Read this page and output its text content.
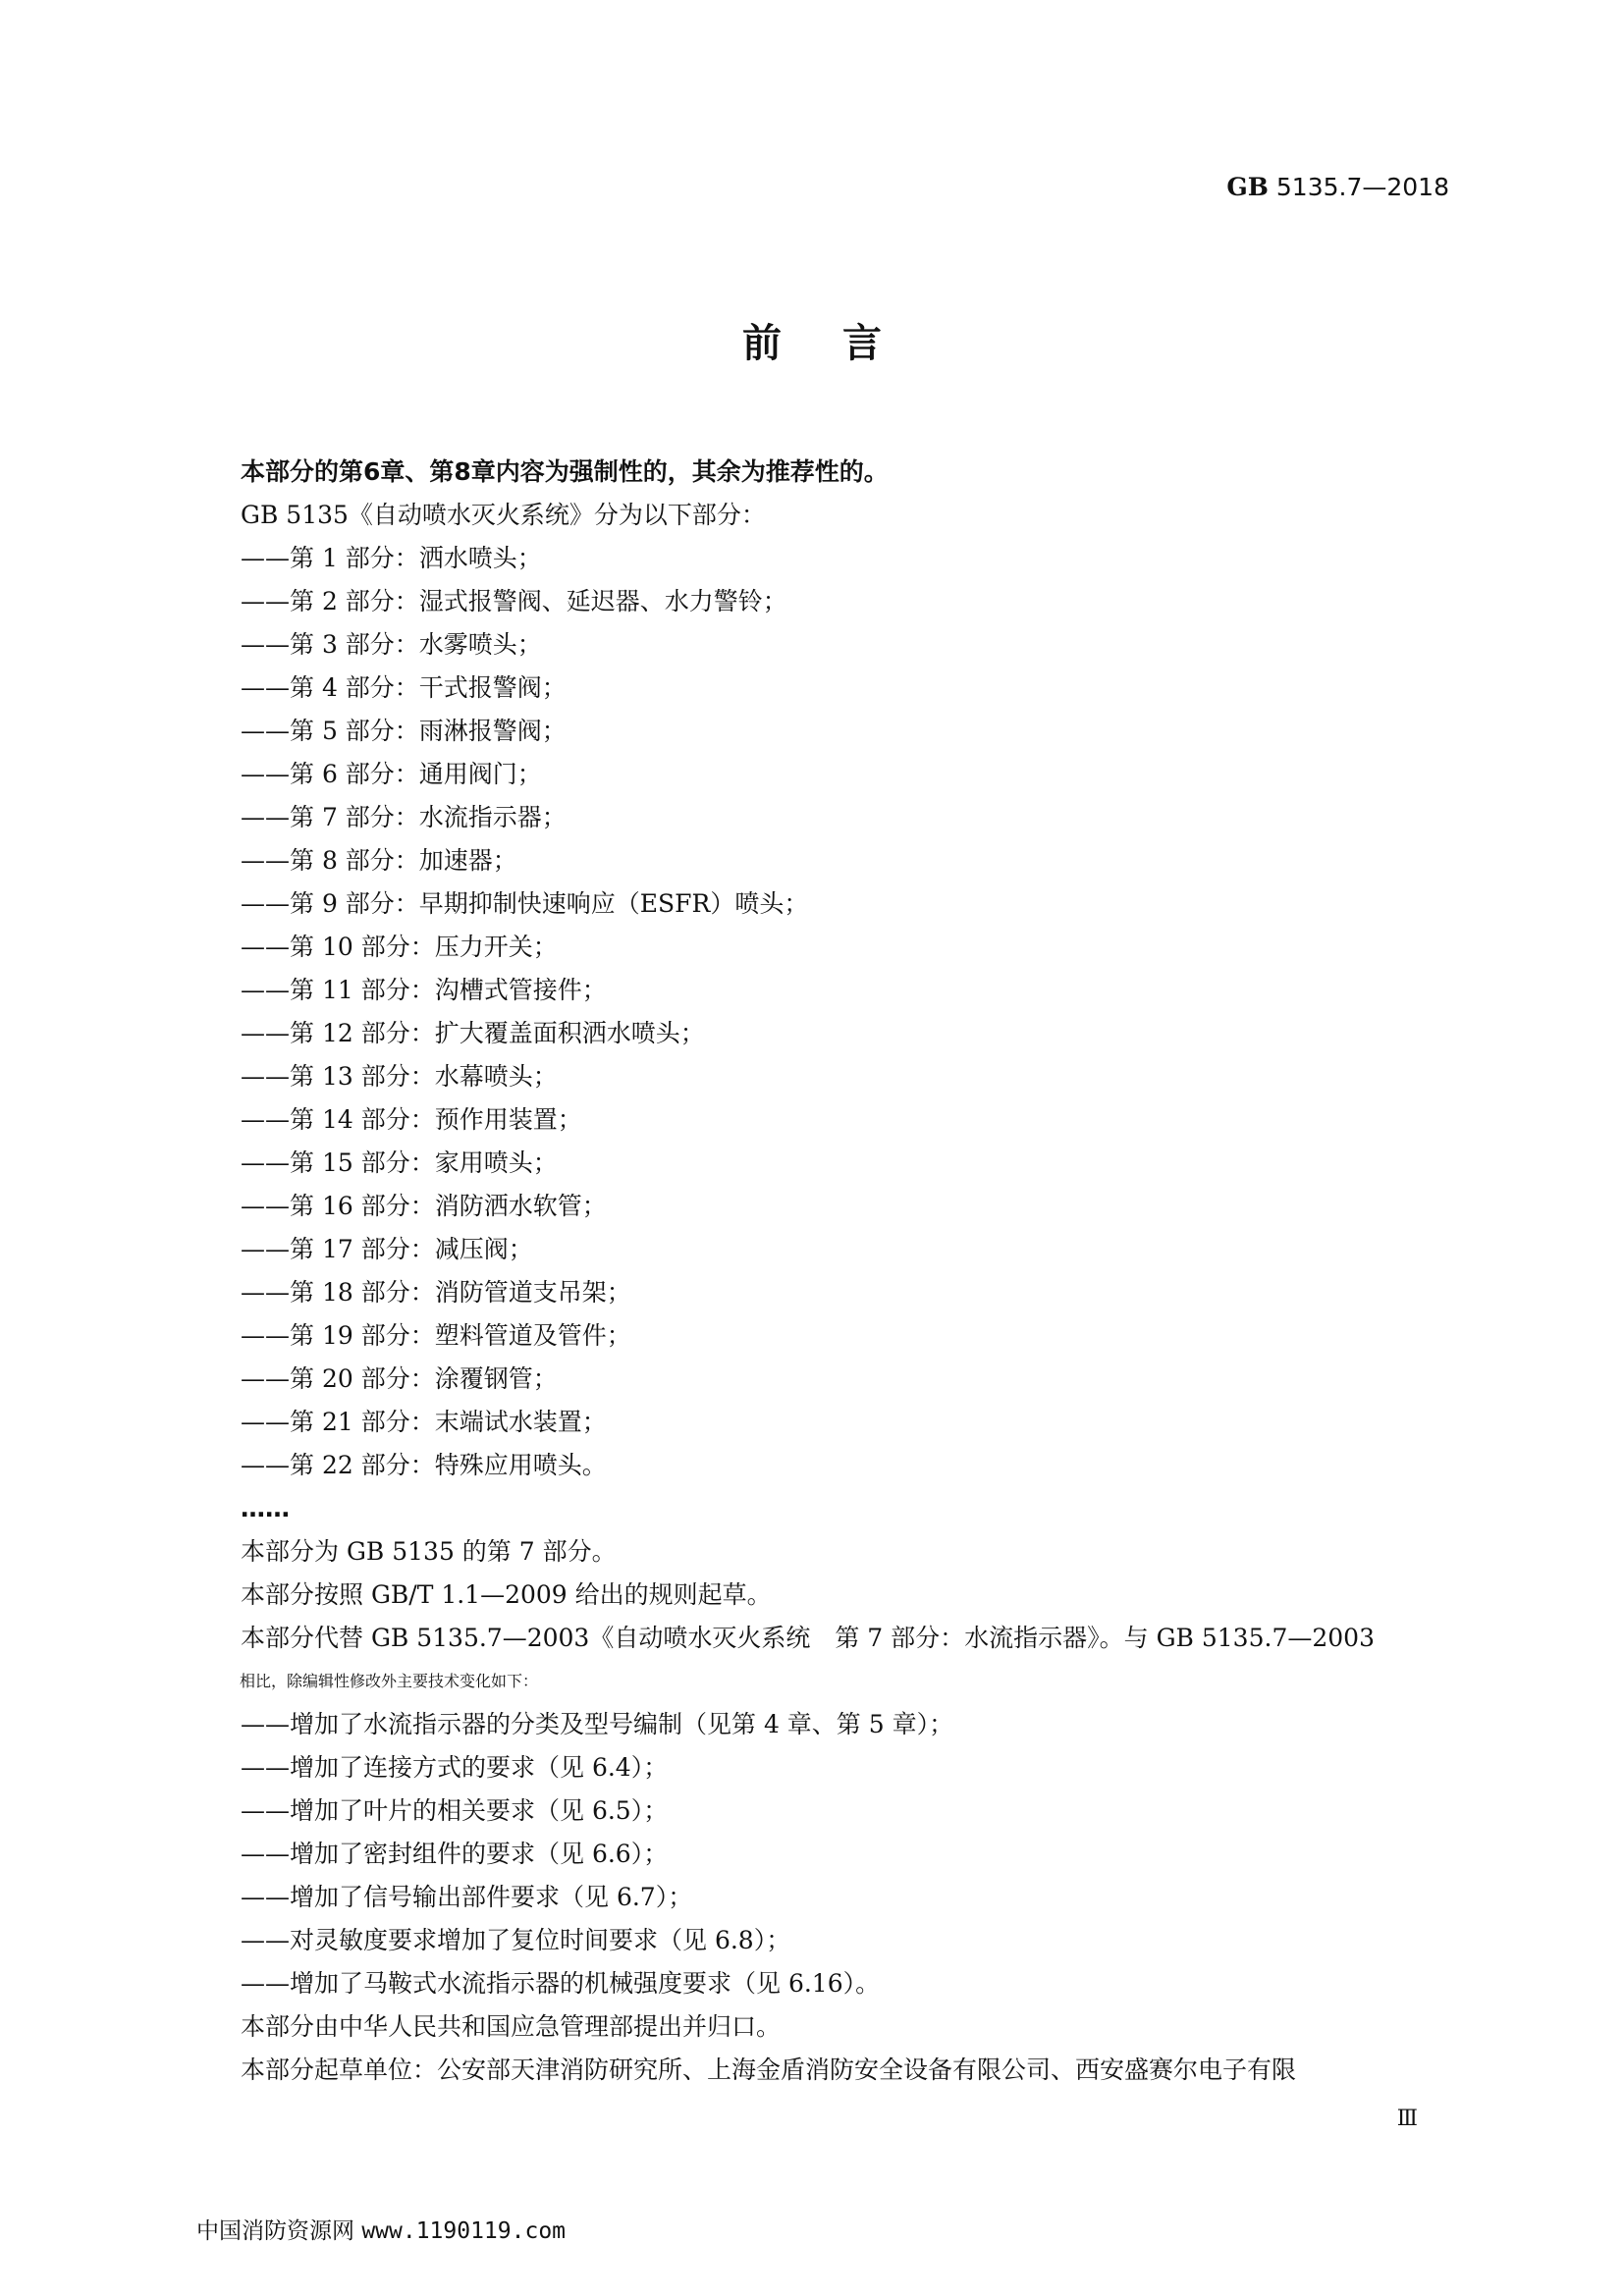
GB 5135.7—2018
前言
本部分的第6章、第8章内容为强制性的，其余为推荐性的。
GB 5135《自动喷水灭火系统》分为以下部分：
——第 1 部分：洒水喷头；
——第 2 部分：湿式报警阀、延迟器、水力警铃；
——第 3 部分：水雾喷头；
——第 4 部分：干式报警阀；
——第 5 部分：雨淋报警阀；
——第 6 部分：通用阀门；
——第 7 部分：水流指示器；
——第 8 部分：加速器；
——第 9 部分：早期抑制快速响应（ESFR）喷头；
——第 10 部分：压力开关；
——第 11 部分：沟槽式管接件；
——第 12 部分：扩大覆盖面积洒水喷头；
——第 13 部分：水幕喷头；
——第 14 部分：预作用装置；
——第 15 部分：家用喷头；
——第 16 部分：消防洒水软管；
——第 17 部分：减压阀；
——第 18 部分：消防管道支吊架；
——第 19 部分：塑料管道及管件；
——第 20 部分：涂覆钢管；
——第 21 部分：末端试水装置；
——第 22 部分：特殊应用喷头。
……
本部分为 GB 5135 的第 7 部分。
本部分按照 GB/T 1.1—2009 给出的规则起草。
本部分代替 GB 5135.7—2003《自动喷水灭火系统　第 7 部分：水流指示器》。与 GB 5135.7—2003
相比，除编辑性修改外主要技术变化如下：
——增加了水流指示器的分类及型号编制（见第 4 章、第 5 章）；
——增加了连接方式的要求（见 6.4）；
——增加了叶片的相关要求（见 6.5）；
——增加了密封组件的要求（见 6.6）；
——增加了信号输出部件要求（见 6.7）；
——对灵敏度要求增加了复位时间要求（见 6.8）；
——增加了马鞍式水流指示器的机械强度要求（见 6.16）。
本部分由中华人民共和国应急管理部提出并归口。
本部分起草单位：公安部天津消防研究所、上海金盾消防安全设备有限公司、西安盛赛尔电子有限
Ⅲ
中国消防资源网 www.1190119.com
